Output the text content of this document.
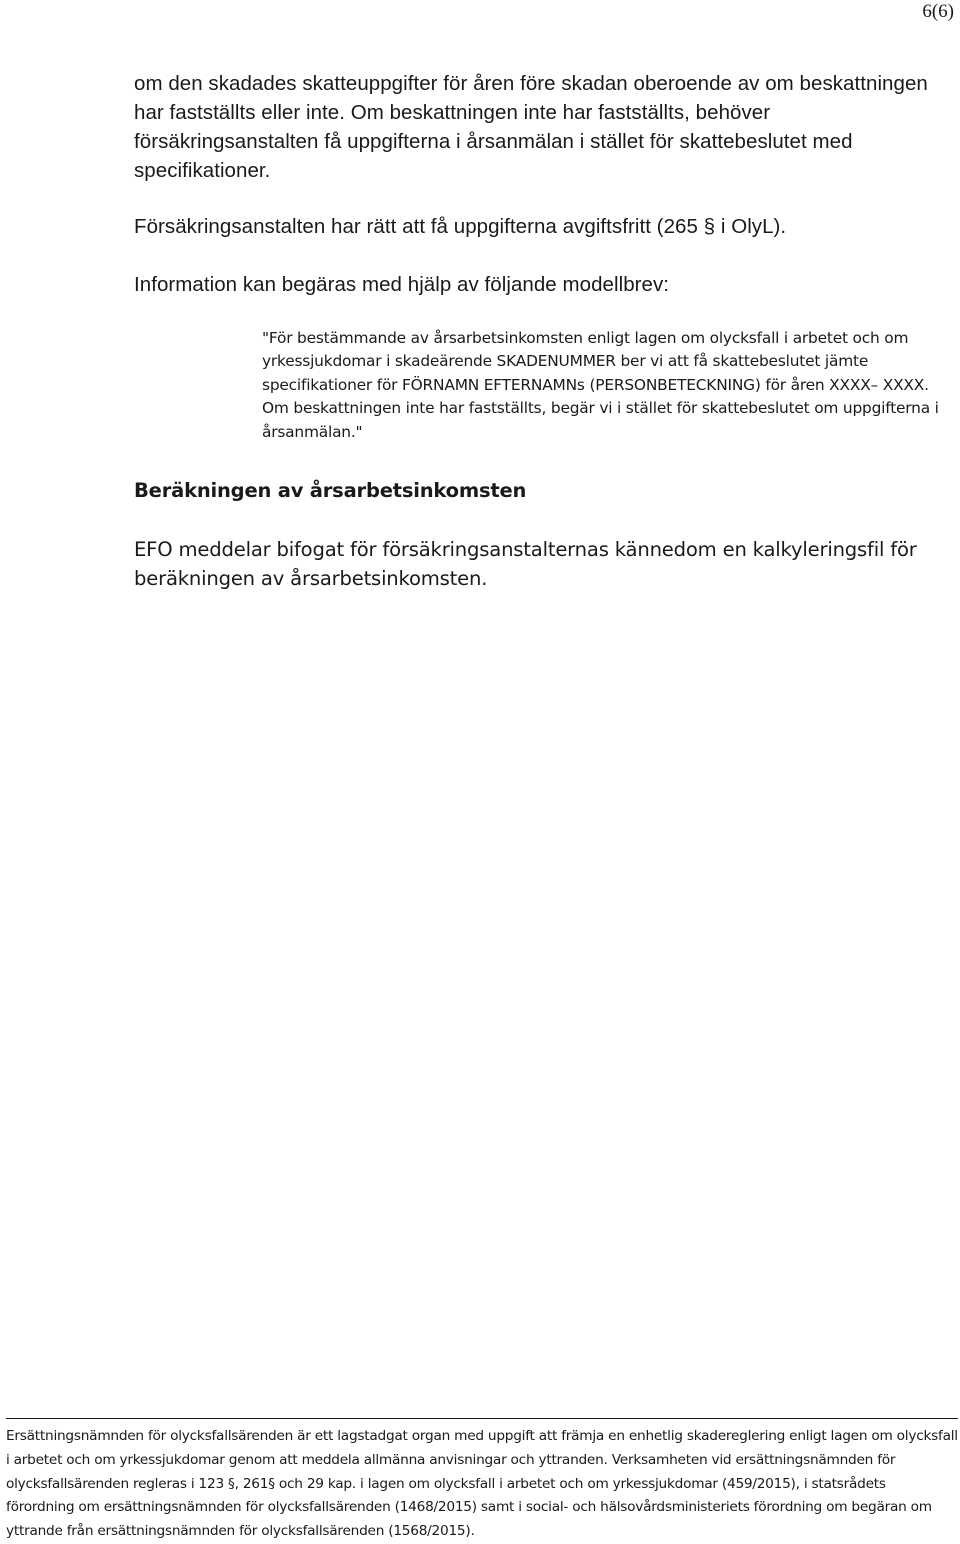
6(6)

om den skadades skatteuppgifter för åren före skadan oberoende av om beskattningen har fastställts eller inte. Om beskattningen inte har fastställts, behöver försäkringsanstalten få uppgifterna i årsanmälan i stället för skattebeslutet med specifikationer.

Försäkringsanstalten har rätt att få uppgifterna avgiftsfritt (265 § i OlyL).

Information kan begäras med hjälp av följande modellbrev:

"För bestämmande av årsarbetsinkomsten enligt lagen om olycksfall i arbetet och om yrkessjukdomar i skadeärende SKADENUMMER ber vi att få skattebeslutet jämte specifikationer för FÖRNAMN EFTERNAMNs (PERSONBETECKNING) för åren XXXX– XXXX. Om beskattningen inte har fastställts, begär vi i stället för skattebeslutet om uppgifterna i årsanmälan."

Beräkningen av årsarbetsinkomsten

EFO meddelar bifogat för försäkringsanstalternas kännedom en kalkyleringsfil för beräkningen av årsarbetsinkomsten.

Ersättningsnämnden för olycksfallsärenden är ett lagstadgat organ med uppgift att främja en enhetlig skadereglering enligt lagen om olycksfall i arbetet och om yrkessjukdomar genom att meddela allmänna anvisningar och yttranden. Verksamheten vid ersättningsnämnden för olycksfallsärenden regleras i 123 §, 261§ och 29 kap. i lagen om olycksfall i arbetet och om yrkessjukdomar (459/2015), i statsrådets förordning om ersättningsnämnden för olycksfallsärenden (1468/2015) samt i social- och hälsovårdsministeriets förordning om begäran om yttrande från ersättningsnämnden för olycksfallsärenden (1568/2015).
